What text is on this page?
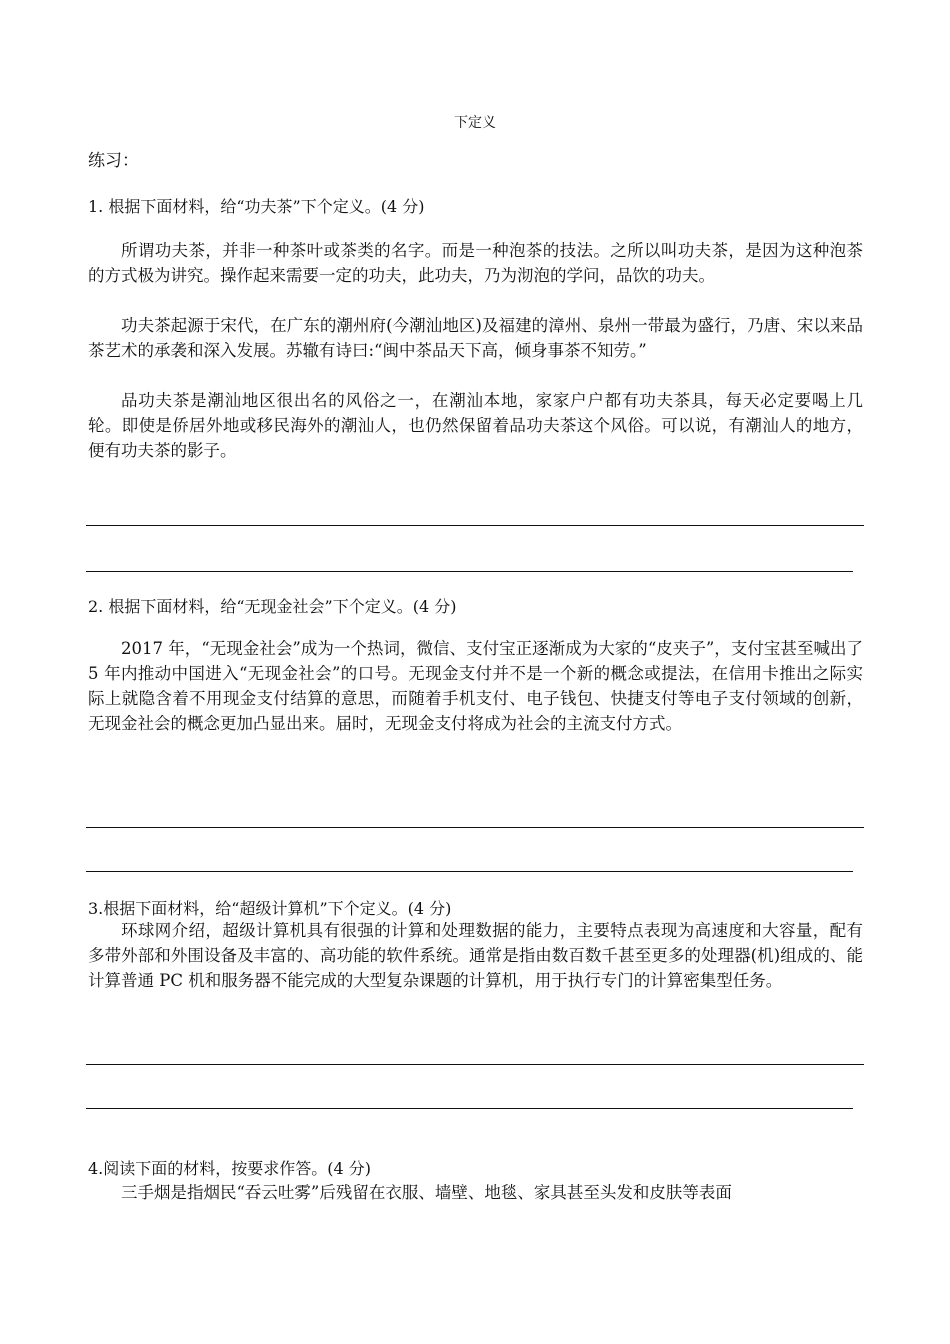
下定义
练习：
1. 根据下面材料，给“功夫茶”下个定义。(4 分)

所谓功夫茶，并非一种茶叶或茶类的名字。而是一种泡茶的技法。之所以叫功夫茶，是因为这种泡茶的方式极为讲究。操作起来需要一定的功夫，此功夫，乃为沏泡的学问，品饮的功夫。

功夫茶起源于宋代，在广东的潮州府(今潮汕地区)及福建的漳州、泉州一带最为盛行，乃唐、宋以来品茶艺术的承袭和深入发展。苏辙有诗曰:“闽中茶品天下高，倾身事茶不知劳。”

品功夫茶是潮汕地区很出名的风俗之一，在潮汕本地，家家户户都有功夫茶具，每天必定要喝上几轮。即使是侨居外地或移民海外的潮汕人，也仍然保留着品功夫茶这个风俗。可以说，有潮汕人的地方，便有功夫茶的影子。

2. 根据下面材料，给“无现金社会”下个定义。(4 分)

2017 年，“无现金社会”成为一个热词，微信、支付宝正逐渐成为大家的“皮夹子”，支付宝甚至喊出了 5 年内推动中国进入“无现金社会”的口号。无现金支付并不是一个新的概念或提法，在信用卡推出之际实际上就隐含着不用现金支付结算的意思，而随着手机支付、电子钱包、快捷支付等电子支付领域的创新，无现金社会的概念更加凸显出来。届时，无现金支付将成为社会的主流支付方式。

3.根据下面材料，给“超级计算机”下个定义。(4 分)

环球网介绍，超级计算机具有很强的计算和处理数据的能力，主要特点表现为高速度和大容量，配有多带外部和外围设备及丰富的、高功能的软件系统。通常是指由数百数千甚至更多的处理器(机)组成的、能计算普通 PC 机和服务器不能完成的大型复杂课题的计算机，用于执行专门的计算密集型任务。

4.阅读下面的材料，按要求作答。(4 分)

三手烟是指烟民“吞云吐雾”后残留在衣服、墙壁、地毯、家具甚至头发和皮肤等表面
